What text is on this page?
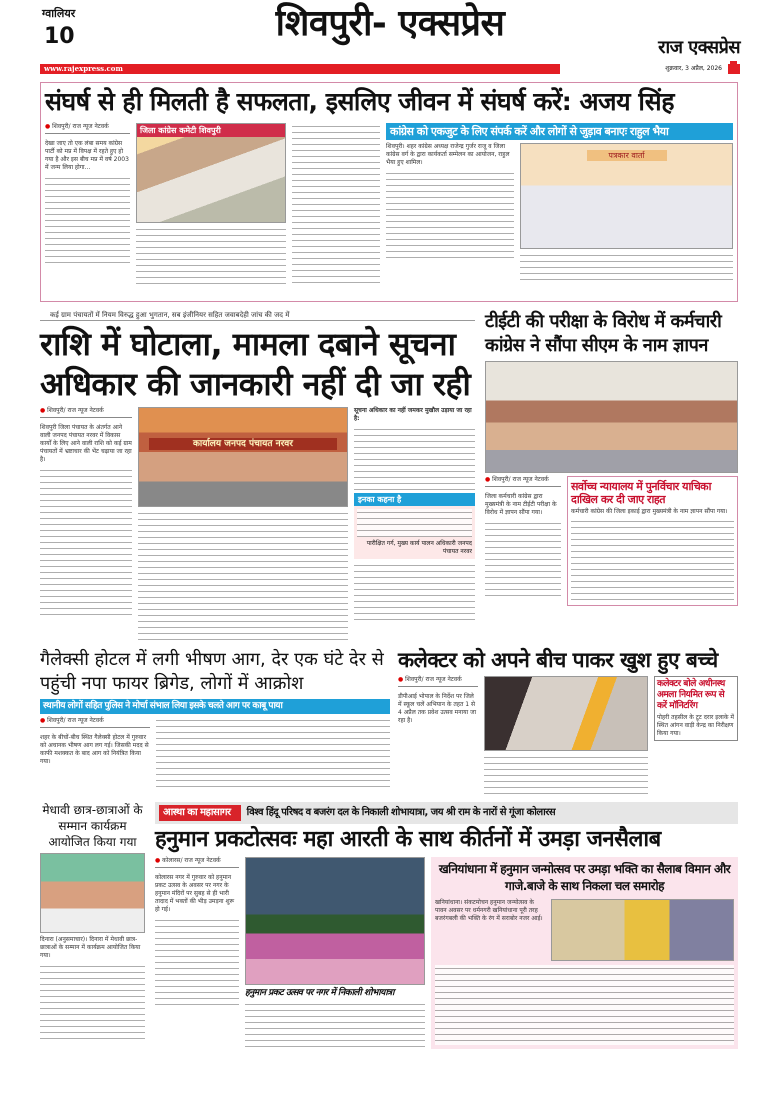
ग्वालियर
10	शिवपुरी- एक्सप्रेस
राज एक्सप्रेस
www.rajexpress.com	शुक्रवार, 3 अप्रैल, 2026
संघर्ष से ही मिलती है सफलता, इसलिए जीवन में संघर्ष करें: अजय सिंह
● शिवपुरी/ राज न्यूज नेटवर्क
देखा जाए तो एक लंबा समय कांग्रेस पार्टी को मप्र में विपक्ष में रहते हुए हो गया है और इस बीच मप्र में वर्ष 2003 में जन्म लिया होगा...
जिला कांग्रेस कमेटी शिवपुरी	कांग्रेस को एकजुट के लिए संपर्क करें और लोगों से जुड़ाव बनाएः राहुल भैया
शिवपुरी। शहर कांग्रेस अध्यक्ष राजेन्द्र गुर्जर राजू व जिला कांग्रेस वर्ग के द्वारा कार्यकर्ता सम्मेलन का आयोजन, राहुल भैया हुए शामिल।
पत्रकार वार्ता
कई ग्राम पंचायतों में नियम विरुद्ध हुआ भुगतान, सब इंजीनियर सहित जवाबदेही जांच की जद में
राशि में घोटाला, मामला दबाने सूचना अधिकार की जानकारी नहीं दी जा रही
● शिवपुरी/ राज न्यूज नेटवर्क
शिवपुरी जिला पंचायत के अंतर्गत आने वाली जनपद पंचायत नरवर में विकास कार्यों के लिए आने वाली राशि को कई ग्राम पंचायतों में भ्रष्टाचार की भेंट चढ़ाया जा रहा है।
कार्यालय जनपद पंचायत नरवर
सूचना अधिकार का नहीं जमकर मुखौल उड़ाया जा रहा है:
इनका कहना है
पारीक्षित गर्ग, मुख्य कार्य पालन अधिकारी जनपद पंचायत नरवर
टीईटी की परीक्षा के विरोध में कर्मचारी कांग्रेस ने सौंपा सीएम के नाम ज्ञापन
● शिवपुरी/ राज न्यूज नेटवर्क
जिला कर्मचारी कांग्रेस द्वारा मुख्यमंत्री के नाम टीईटी परीक्षा के विरोध में ज्ञापन सौंपा गया।
सर्वोच्च न्यायालय में पुनर्विचार याचिका दाखिल कर दी जाए राहत
कर्मचारी कांग्रेस की जिला इकाई द्वारा मुख्यमंत्री के नाम ज्ञापन सौंपा गया।
गैलेक्सी होटल में लगी भीषण आग, देर एक घंटे देर से पहुंची नपा फायर ब्रिगेड, लोगों में आक्रोश
स्थानीय लोगों सहित पुलिस ने मोर्चा संभाल लिया इसके चलते आग पर काबू पाया
● शिवपुरी/ राज न्यूज नेटवर्क
शहर के बीचों-बीच स्थित गैलेक्सी होटल में गुरुवार को अचानक भीषण आग लग गई। जिसकी मदद से काफी मशक्कत के बाद आग को नियंत्रित किया गया।
कलेक्टर को अपने बीच पाकर खुश हुए बच्चे
● शिवपुरी/ राज न्यूज नेटवर्क
डीपीआई भोपाल के निर्देश पर जिले में स्कूल चलें अभियान के तहत 1 से 4 अप्रैल तक प्रवेश उत्सव मनाया जा रहा है।
कलेक्टर बोले अधीनस्थ अमला नियमित रूप से करें मॉनिटरिंग
पोहरी तहसील के टूट दरार इलाके में स्थित आंगन वाड़ी केन्द्र का निरीक्षण किया गया।
मेधावी छात्र-छात्राओं के सम्मान कार्यक्रम आयोजित किया गया
दिनारा (अनुसमाचार)। दिनारा में मेधावी छात्र-छात्राओं के सम्मान में कार्यक्रम आयोजित किया गया।
आस्था का महासागर	विश्व हिंदू परिषद व बजरंग दल के निकाली शोभायात्रा, जय श्री राम के नारों से गूंजा कोलारस
हनुमान प्रकटोत्सवः महा आरती के साथ कीर्तनों में उमड़ा जनसैलाब
● कोलारस/ राज न्यूज नेटवर्क
कोलारस नगर में गुरुवार को हनुमान प्रकट उत्सव के अवसर पर नगर के हनुमान मंदिरों पर सुबह से ही भारी तादाद में भक्तों की भीड़ उमड़ना शुरू हो गई।
हनुमान प्रकट उत्सव पर नगर में निकाली शोभायात्रा
खनियांधाना में हनुमान जन्मोत्सव पर उमड़ा भक्ति का सैलाब विमान और गाजे.बाजे के साथ निकला चल समारोह
खनियांधाना। संकटमोचन हनुमान जन्मोत्सव के पावन अवसर पर धर्मनगरी खनियांधाना पूरी तरह बजरंगबली की भक्ति के रंग में सराबोर नजर आई।
